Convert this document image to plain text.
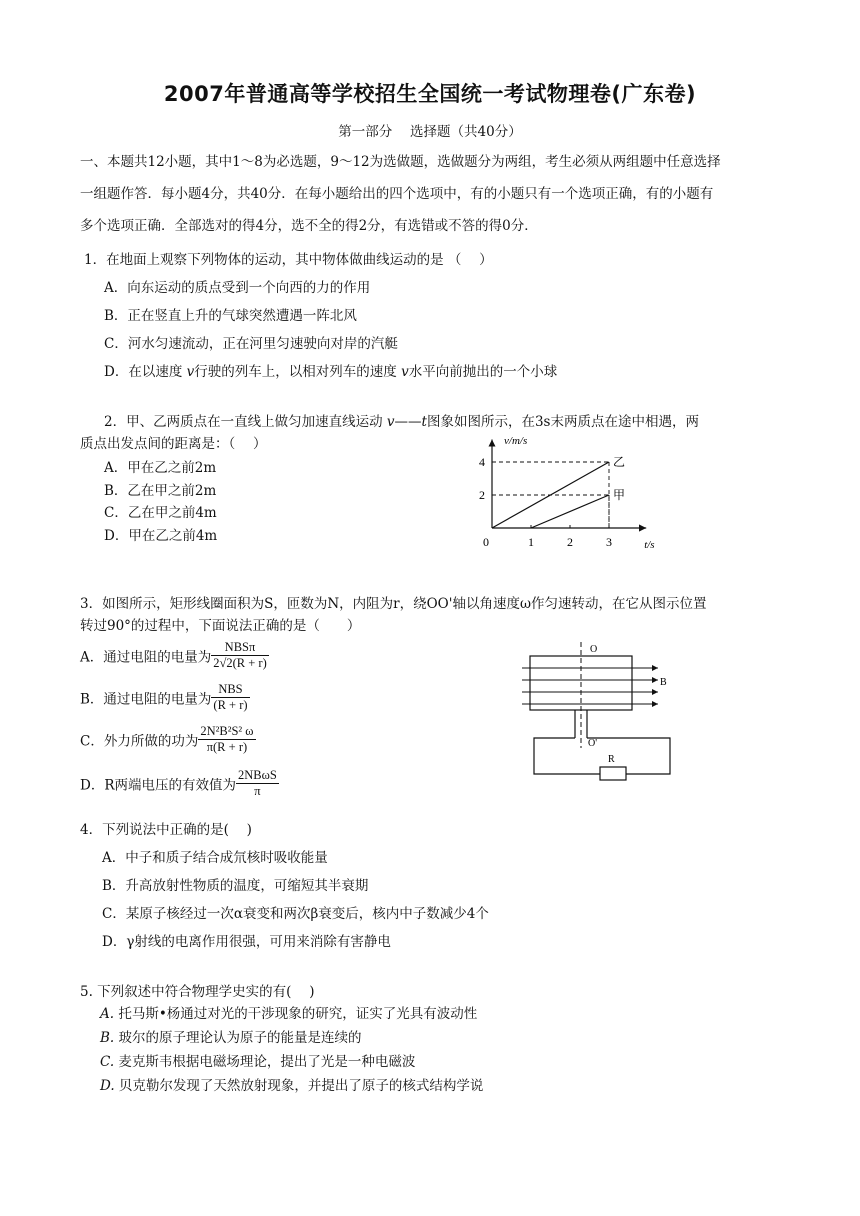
2007年普通高等学校招生全国统一考试物理卷(广东卷)
第一部分　 选择题（共40分）
一、本题共12小题，其中1～8为必选题，9～12为选做题，选做题分为两组，考生必须从两组题中任意选择
一组题作答．每小题4分，共40分．在每小题给出的四个选项中，有的小题只有一个选项正确，有的小题有
多个选项正确．全部选对的得4分，选不全的得2分，有选错或不答的得0分．
1．在地面上观察下列物体的运动，其中物体做曲线运动的是 （　 ）
A．向东运动的质点受到一个向西的力的作用
B．正在竖直上升的气球突然遭遇一阵北风
C．河水匀速流动，正在河里匀速驶向对岸的汽艇
D．在以速度 v行驶的列车上，以相对列车的速度 v水平向前抛出的一个小球
2．甲、乙两质点在一直线上做匀加速直线运动 v——t图象如图所示，在3s末两质点在途中相遇，两
质点出发点间的距离是：（　 ）
A．甲在乙之前2m
B．乙在甲之前2m
C．乙在甲之前4m
D．甲在乙之前4m
v/m/s
t/s
0	1	2	3
2
4	乙
甲
3．如图所示，矩形线圈面积为S，匝数为N，内阻为r，绕OO'轴以角速度ω作匀速转动，在它从图示位置
转过90°的过程中，下面说法正确的是（　　）
A．通过电阻的电量为 $\frac{\text{NBSπ}}{2√2(R + r)}$
B．通过电阻的电量为 $\frac{\text{NBS}}{(R + r)}$
C．外力所做的功为 $\frac{\text{2N²B²S² ω}}{\pi(R + r)}$
D．R两端电压的有效值为 $\frac{\text{2NBωS}}{\pi}$
O
O'
B
R
4．下列说法中正确的是(　 )
A．中子和质子结合成氘核时吸收能量
B．升高放射性物质的温度，可缩短其半衰期
C．某原子核经过一次α衰变和两次β衰变后，核内中子数减少4个
D．γ射线的电离作用很强，可用来消除有害静电
5. 下列叙述中符合物理学史实的有(　 )
A. 托马斯•杨通过对光的干涉现象的研究，证实了光具有波动性
B. 玻尔的原子理论认为原子的能量是连续的
C. 麦克斯韦根据电磁场理论，提出了光是一种电磁波
D. 贝克勒尔发现了天然放射现象，并提出了原子的核式结构学说
